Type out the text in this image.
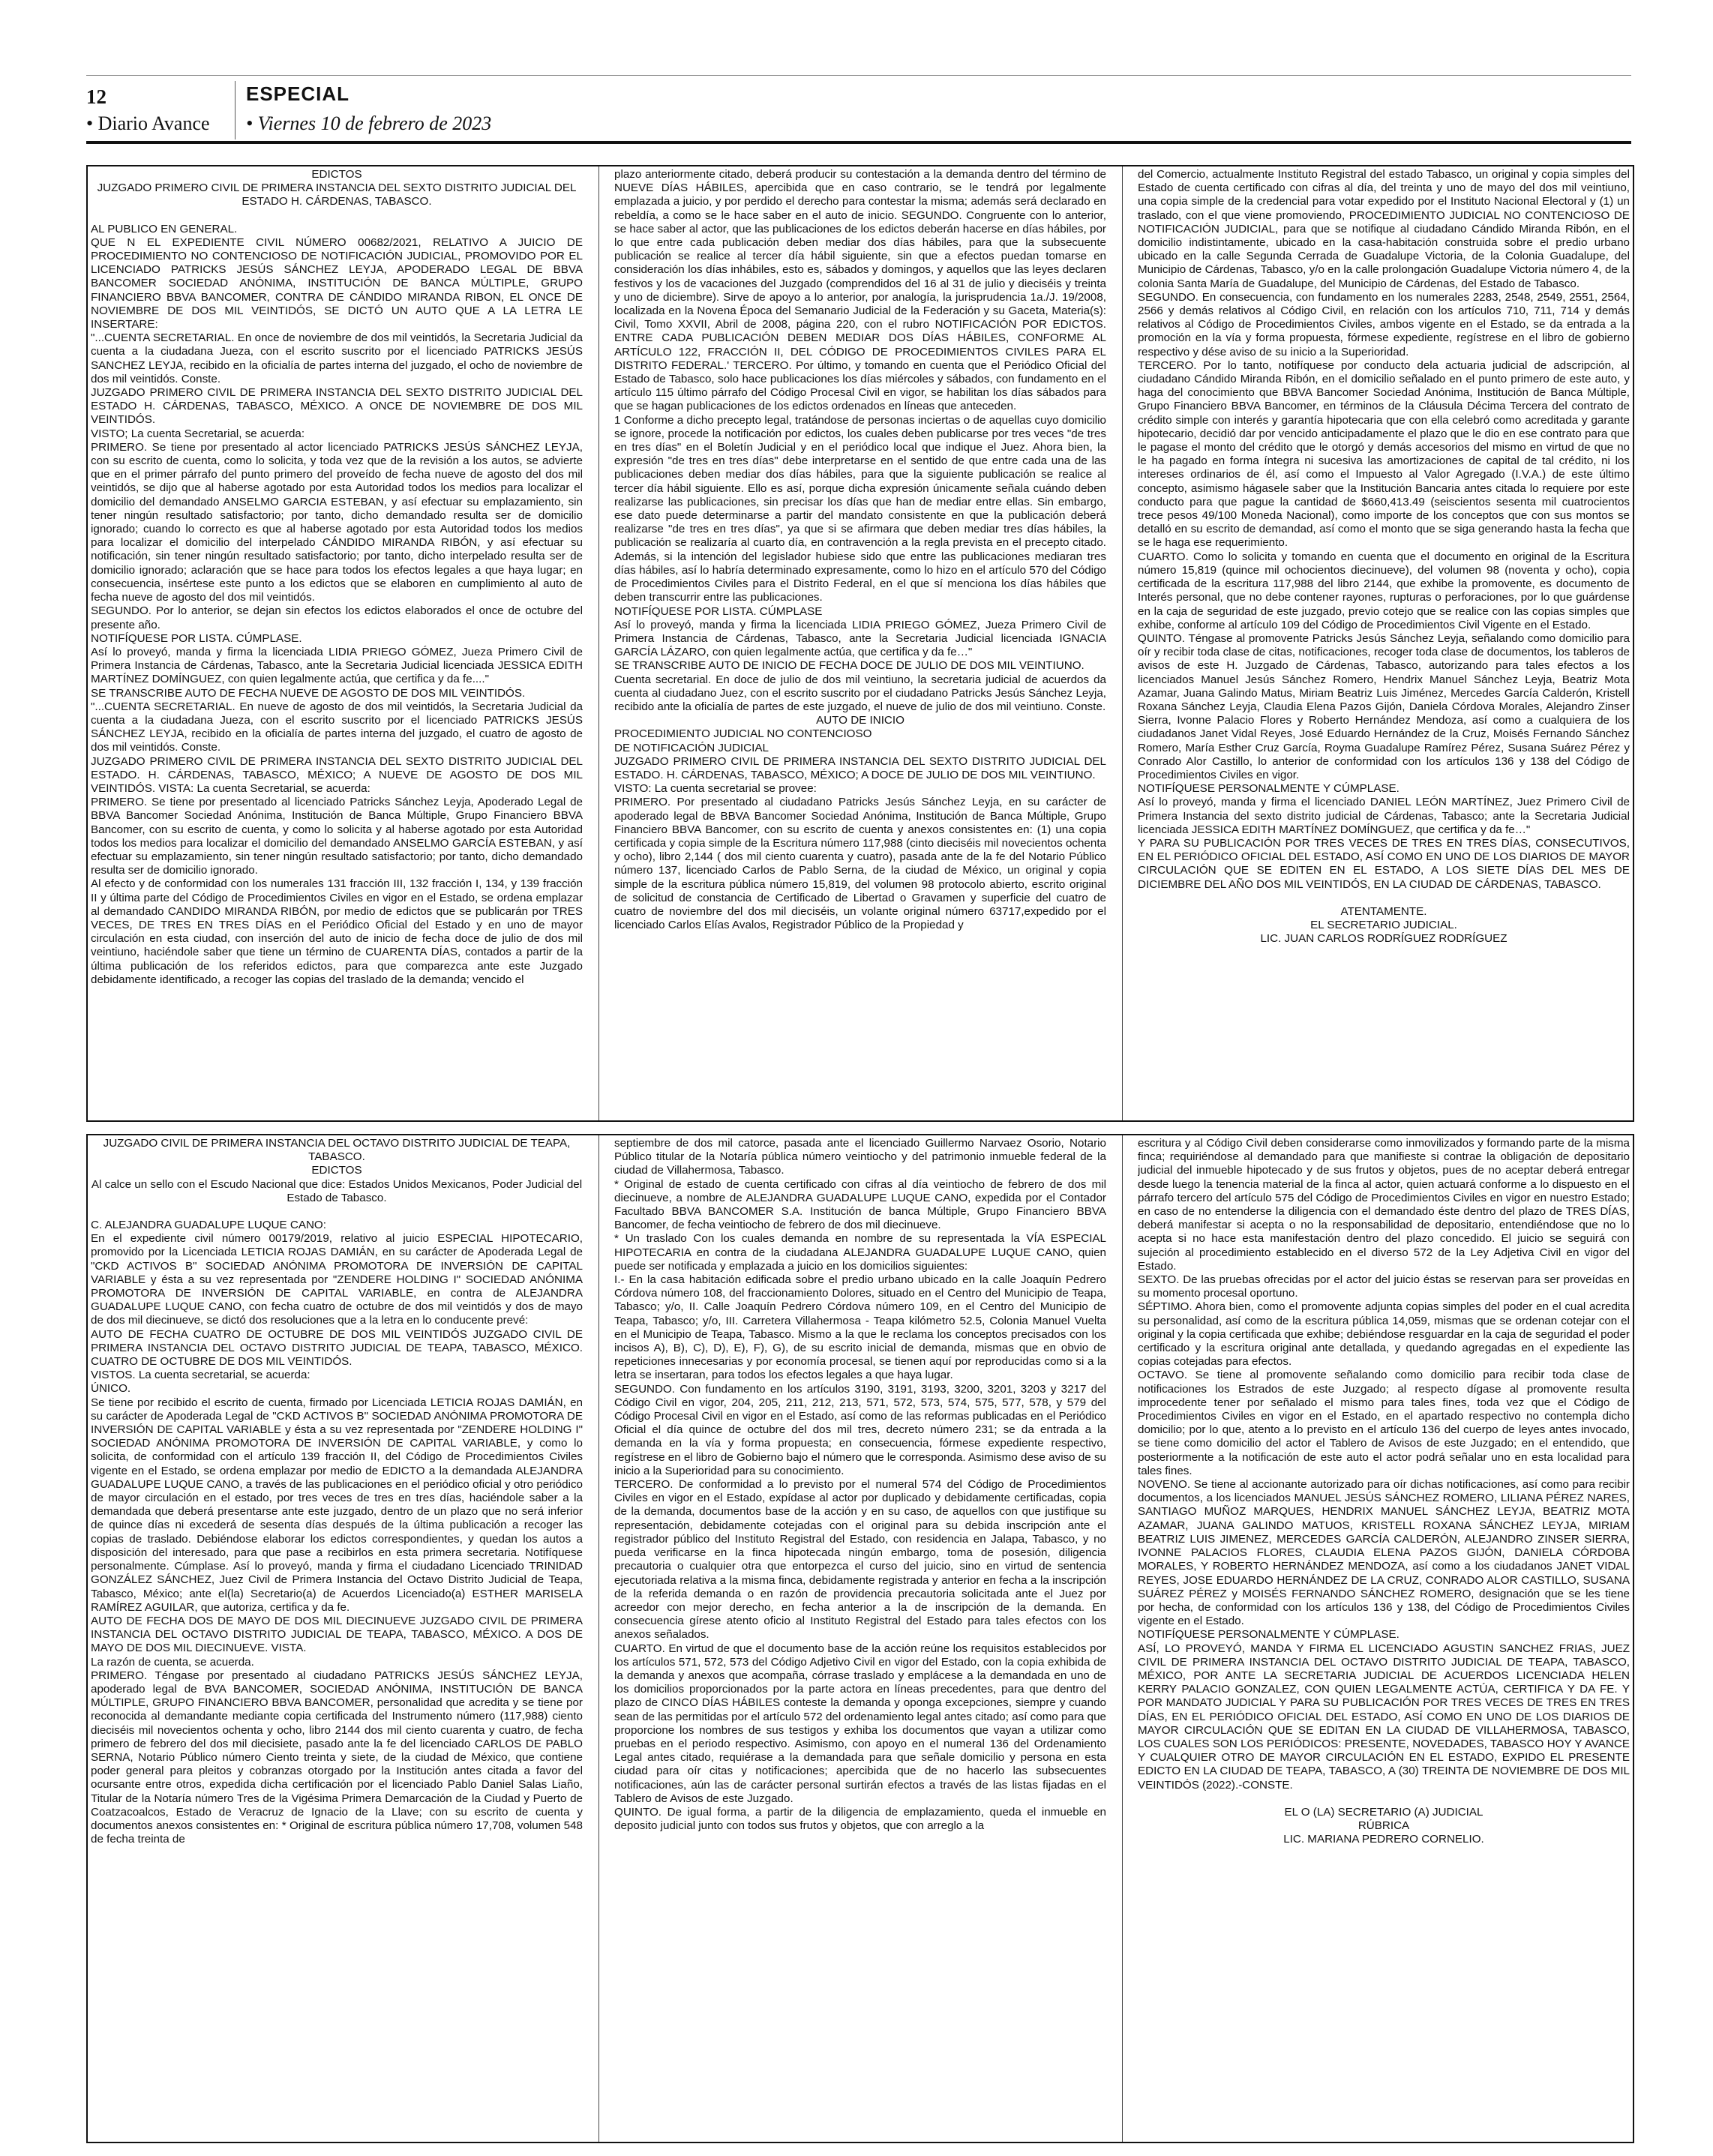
12
• Diario Avance
ESPECIAL
• Viernes 10 de febrero de 2023

EDICTOS

JUZGADO PRIMERO CIVIL DE PRIMERA INSTANCIA DEL SEXTO DISTRITO JUDICIAL DEL ESTADO H. CÁRDENAS, TABASCO.

AL PUBLICO EN GENERAL.

QUE N EL EXPEDIENTE CIVIL NÚMERO 00682/2021, RELATIVO A JUICIO DE PROCEDIMIENTO NO CONTENCIOSO DE NOTIFICACIÓN JUDICIAL, PROMOVIDO POR EL LICENCIADO PATRICKS JESÚS SÁNCHEZ LEYJA, APODERADO LEGAL DE BBVA BANCOMER SOCIEDAD ANÓNIMA, INSTITUCIÓN DE BANCA MÚLTIPLE, GRUPO FINANCIERO BBVA BANCOMER, CONTRA DE CÁNDIDO MIRANDA RIBON, EL ONCE DE NOVIEMBRE DE DOS MIL VEINTIDÓS, SE DICTÓ UN AUTO QUE A LA LETRA LE INSERTARE:

"...CUENTA SECRETARIAL. En once de noviembre de dos mil veintidós, la Secretaria Judicial da cuenta a la ciudadana Jueza, con el escrito suscrito por el licenciado PATRICKS JESÚS SANCHEZ LEYJA, recibido en la oficialía de partes interna del juzgado, el ocho de noviembre de dos mil veintidós. Conste.

JUZGADO PRIMERO CIVIL DE PRIMERA INSTANCIA DEL SEXTO DISTRITO JUDICIAL DEL ESTADO H. CÁRDENAS, TABASCO, MÉXICO. A ONCE DE NOVIEMBRE DE DOS MIL VEINTIDÓS.

VISTO; La cuenta Secretarial, se acuerda:

PRIMERO. Se tiene por presentado al actor licenciado PATRICKS JESÚS SÁNCHEZ LEYJA, con su escrito de cuenta, como lo solicita, y toda vez que de la revisión a los autos, se advierte que en el primer párrafo del punto primero del proveído de fecha nueve de agosto del dos mil veintidós, se dijo que al haberse agotado por esta Autoridad todos los medios para localizar el domicilio del demandado ANSELMO GARCIA ESTEBAN, y así efectuar su emplazamiento, sin tener ningún resultado satisfactorio; por tanto, dicho demandado resulta ser de domicilio ignorado; cuando lo correcto es que al haberse agotado por esta Autoridad todos los medios para localizar el domicilio del interpelado CÁNDIDO MIRANDA RIBÓN, y así efectuar su notificación, sin tener ningún resultado satisfactorio; por tanto, dicho interpelado resulta ser de domicilio ignorado; aclaración que se hace para todos los efectos legales a que haya lugar; en consecuencia, insértese este punto a los edictos que se elaboren en cumplimiento al auto de fecha nueve de agosto del dos mil veintidós.

SEGUNDO. Por lo anterior, se dejan sin efectos los edictos elaborados el once de octubre del presente año.

NOTIFÍQUESE POR LISTA. CÚMPLASE.

Así lo proveyó, manda y firma la licenciada LIDIA PRIEGO GÓMEZ, Jueza Primero Civil de Primera Instancia de Cárdenas, Tabasco, ante la Secretaria Judicial licenciada JESSICA EDITH MARTÍNEZ DOMÍNGUEZ, con quien legalmente actúa, que certifica y da fe...."

SE TRANSCRIBE AUTO DE FECHA NUEVE DE AGOSTO DE DOS MIL VEINTIDÓS.

"...CUENTA SECRETARIAL. En nueve de agosto de dos mil veintidós, la Secretaria Judicial da cuenta a la ciudadana Jueza, con el escrito suscrito por el licenciado PATRICKS JESÚS SÁNCHEZ LEYJA, recibido en la oficialía de partes interna del juzgado, el cuatro de agosto de dos mil veintidós. Conste.

JUZGADO PRIMERO CIVIL DE PRIMERA INSTANCIA DEL SEXTO DISTRITO JUDICIAL DEL ESTADO. H. CÁRDENAS, TABASCO, MÉXICO; A NUEVE DE AGOSTO DE DOS MIL VEINTIDÓS. VISTA: La cuenta Secretarial, se acuerda:

PRIMERO. Se tiene por presentado al licenciado Patricks Sánchez Leyja, Apoderado Legal de BBVA Bancomer Sociedad Anónima, Institución de Banca Múltiple, Grupo Financiero BBVA Bancomer, con su escrito de cuenta, y como lo solicita y al haberse agotado por esta Autoridad todos los medios para localizar el domicilio del demandado ANSELMO GARCÍA ESTEBAN, y así efectuar su emplazamiento, sin tener ningún resultado satisfactorio; por tanto, dicho demandado resulta ser de domicilio ignorado.

Al efecto y de conformidad con los numerales 131 fracción III, 132 fracción I, 134, y 139 fracción II y última parte del Código de Procedimientos Civiles en vigor en el Estado, se ordena emplazar al demandado CANDIDO MIRANDA RIBÓN, por medio de edictos que se publicarán por TRES VECES, DE TRES EN TRES DÍAS en el Periódico Oficial del Estado y en uno de mayor circulación en esta ciudad, con inserción del auto de inicio de fecha doce de julio de dos mil veintiuno, haciéndole saber que tiene un término de CUARENTA DÍAS, contados a partir de la última publicación de los referidos edictos, para que comparezca ante este Juzgado debidamente identificado, a recoger las copias del traslado de la demanda; vencido el

plazo anteriormente citado, deberá producir su contestación a la demanda dentro del término de NUEVE DÍAS HÁBILES, apercibida que en caso contrario, se le tendrá por legalmente emplazada a juicio, y por perdido el derecho para contestar la misma; además será declarado en rebeldía, a como se le hace saber en el auto de inicio. SEGUNDO. Congruente con lo anterior, se hace saber al actor, que las publicaciones de los edictos deberán hacerse en días hábiles, por lo que entre cada publicación deben mediar dos días hábiles, para que la subsecuente publicación se realice al tercer día hábil siguiente, sin que a efectos puedan tomarse en consideración los días inhábiles, esto es, sábados y domingos, y aquellos que las leyes declaren festivos y los de vacaciones del Juzgado (comprendidos del 16 al 31 de julio y dieciséis y treinta y uno de diciembre). Sirve de apoyo a lo anterior, por analogía, la jurisprudencia 1a./J. 19/2008, localizada en la Novena Época del Semanario Judicial de la Federación y su Gaceta, Materia(s): Civil, Tomo XXVII, Abril de 2008, página 220, con el rubro NOTIFICACIÓN POR EDICTOS. ENTRE CADA PUBLICACIÓN DEBEN MEDIAR DOS DÍAS HÁBILES, CONFORME AL ARTÍCULO 122, FRACCIÓN II, DEL CÓDIGO DE PROCEDIMIENTOS CIVILES PARA EL DISTRITO FEDERAL.' TERCERO. Por último, y tomando en cuenta que el Periódico Oficial del Estado de Tabasco, solo hace publicaciones los días miércoles y sábados, con fundamento en el artículo 115 último párrafo del Código Procesal Civil en vigor, se habilitan los días sábados para que se hagan publicaciones de los edictos ordenados en líneas que anteceden.

1 Conforme a dicho precepto legal, tratándose de personas inciertas o de aquellas cuyo domicilio se ignore, procede la notificación por edictos, los cuales deben publicarse por tres veces "de tres en tres días" en el Boletín Judicial y en el periódico local que indique el Juez. Ahora bien, la expresión "de tres en tres días" debe interpretarse en el sentido de que entre cada una de las publicaciones deben mediar dos días hábiles, para que la siguiente publicación se realice al tercer día hábil siguiente. Ello es así, porque dicha expresión únicamente señala cuándo deben realizarse las publicaciones, sin precisar los días que han de mediar entre ellas. Sin embargo, ese dato puede determinarse a partir del mandato consistente en que la publicación deberá realizarse "de tres en tres días", ya que si se afirmara que deben mediar tres días hábiles, la publicación se realizaría al cuarto día, en contravención a la regla prevista en el precepto citado. Además, si la intención del legislador hubiese sido que entre las publicaciones mediaran tres días hábiles, así lo habría determinado expresamente, como lo hizo en el artículo 570 del Código de Procedimientos Civiles para el Distrito Federal, en el que sí menciona los días hábiles que deben transcurrir entre las publicaciones.

NOTIFÍQUESE POR LISTA. CÚMPLASE

Así lo proveyó, manda y firma la licenciada LIDIA PRIEGO GÓMEZ, Jueza Primero Civil de Primera Instancia de Cárdenas, Tabasco, ante la Secretaria Judicial licenciada IGNACIA GARCÍA LÁZARO, con quien legalmente actúa, que certifica y da fe…"

SE TRANSCRIBE AUTO DE INICIO DE FECHA DOCE DE JULIO DE DOS MIL VEINTIUNO.

Cuenta secretarial. En doce de julio de dos mil veintiuno, la secretaria judicial de acuerdos da cuenta al ciudadano Juez, con el escrito suscrito por el ciudadano Patricks Jesús Sánchez Leyja, recibido ante la oficialía de partes de este juzgado, el nueve de julio de dos mil veintiuno. Conste.

AUTO DE INICIO

PROCEDIMIENTO JUDICIAL NO CONTENCIOSO

DE NOTIFICACIÓN JUDICIAL

JUZGADO PRIMERO CIVIL DE PRIMERA INSTANCIA DEL SEXTO DISTRITO JUDICIAL DEL ESTADO. H. CÁRDENAS, TABASCO, MÉXICO; A DOCE DE JULIO DE DOS MIL VEINTIUNO.

VISTO: La cuenta secretarial se provee:

PRIMERO. Por presentado al ciudadano Patricks Jesús Sánchez Leyja, en su carácter de apoderado legal de BBVA Bancomer Sociedad Anónima, Institución de Banca Múltiple, Grupo Financiero BBVA Bancomer, con su escrito de cuenta y anexos consistentes en: (1) una copia certificada y copia simple de la Escritura número 117,988 (cinto dieciséis mil novecientos ochenta y ocho), libro 2,144 ( dos mil ciento cuarenta y cuatro), pasada ante de la fe del Notario Público número 137, licenciado Carlos de Pablo Serna, de la ciudad de México, un original y copia simple de la escritura pública número 15,819, del volumen 98 protocolo abierto, escrito original de solicitud de constancia de Certificado de Libertad o Gravamen y superficie del cuatro de cuatro de noviembre del dos mil dieciséis, un volante original número 63717,expedido por el licenciado Carlos Elías Avalos, Registrador Público de la Propiedad y

del Comercio, actualmente Instituto Registral del estado Tabasco, un original y copia simples del Estado de cuenta certificado con cifras al día, del treinta y uno de mayo del dos mil veintiuno, una copia simple de la credencial para votar expedido por el Instituto Nacional Electoral y (1) un traslado, con el que viene promoviendo, PROCEDIMIENTO JUDICIAL NO CONTENCIOSO DE NOTIFICACIÓN JUDICIAL, para que se notifique al ciudadano Cándido Miranda Ribón, en el domicilio indistintamente, ubicado en la casa-habitación construida sobre el predio urbano ubicado en la calle Segunda Cerrada de Guadalupe Victoria, de la Colonia Guadalupe, del Municipio de Cárdenas, Tabasco, y/o en la calle prolongación Guadalupe Victoria número 4, de la colonia Santa María de Guadalupe, del Municipio de Cárdenas, del Estado de Tabasco.

SEGUNDO. En consecuencia, con fundamento en los numerales 2283, 2548, 2549, 2551, 2564, 2566 y demás relativos al Código Civil, en relación con los artículos 710, 711, 714 y demás relativos al Código de Procedimientos Civiles, ambos vigente en el Estado, se da entrada a la promoción en la vía y forma propuesta, fórmese expediente, regístrese en el libro de gobierno respectivo y dése aviso de su inicio a la Superioridad.

TERCERO. Por lo tanto, notifíquese por conducto dela actuaria judicial de adscripción, al ciudadano Cándido Miranda Ribón, en el domicilio señalado en el punto primero de este auto, y haga del conocimiento que BBVA Bancomer Sociedad Anónima, Institución de Banca Múltiple, Grupo Financiero BBVA Bancomer, en términos de la Cláusula Décima Tercera del contrato de crédito simple con interés y garantía hipotecaria que con ella celebró como acreditada y garante hipotecario, decidió dar por vencido anticipadamente el plazo que le dio en ese contrato para que le pagase el monto del crédito que le otorgó y demás accesorios del mismo en virtud de que no le ha pagado en forma íntegra ni sucesiva las amortizaciones de capital de tal crédito, ni los intereses ordinarios de él, así como el Impuesto al Valor Agregado (I.V.A.) de este último concepto, asimismo hágasele saber que la Institución Bancaria antes citada lo requiere por este conducto para que pague la cantidad de $660,413.49 (seiscientos sesenta mil cuatrocientos trece pesos 49/100 Moneda Nacional), como importe de los conceptos que con sus montos se detalló en su escrito de demandad, así como el monto que se siga generando hasta la fecha que se le haga ese requerimiento.

CUARTO. Como lo solicita y tomando en cuenta que el documento en original de la Escritura número 15,819 (quince mil ochocientos diecinueve), del volumen 98 (noventa y ocho), copia certificada de la escritura 117,988 del libro 2144, que exhibe la promovente, es documento de Interés personal, que no debe contener rayones, rupturas o perforaciones, por lo que guárdense en la caja de seguridad de este juzgado, previo cotejo que se realice con las copias simples que exhibe, conforme al artículo 109 del Código de Procedimientos Civil Vigente en el Estado.

QUINTO. Téngase al promovente Patricks Jesús Sánchez Leyja, señalando como domicilio para oír y recibir toda clase de citas, notificaciones, recoger toda clase de documentos, los tableros de avisos de este H. Juzgado de Cárdenas, Tabasco, autorizando para tales efectos a los licenciados Manuel Jesús Sánchez Romero, Hendrix Manuel Sánchez Leyja, Beatriz Mota Azamar, Juana Galindo Matus, Miriam Beatriz Luis Jiménez, Mercedes García Calderón, Kristell Roxana Sánchez Leyja, Claudia Elena Pazos Gijón, Daniela Córdova Morales, Alejandro Zinser Sierra, Ivonne Palacio Flores y Roberto Hernández Mendoza, así como a cualquiera de los ciudadanos Janet Vidal Reyes, José Eduardo Hernández de la Cruz, Moisés Fernando Sánchez Romero, María Esther Cruz García, Royma Guadalupe Ramírez Pérez, Susana Suárez Pérez y Conrado Alor Castillo, lo anterior de conformidad con los artículos 136 y 138 del Código de Procedimientos Civiles en vigor.

NOTIFÍQUESE PERSONALMENTE Y CÚMPLASE.

Así lo proveyó, manda y firma el licenciado DANIEL LEÓN MARTÍNEZ, Juez Primero Civil de Primera Instancia del sexto distrito judicial de Cárdenas, Tabasco; ante la Secretaria Judicial licenciada JESSICA EDITH MARTÍNEZ DOMÍNGUEZ, que certifica y da fe…"

Y PARA SU PUBLICACIÓN POR TRES VECES DE TRES EN TRES DÍAS, CONSECUTIVOS, EN EL PERIÓDICO OFICIAL DEL ESTADO, ASÍ COMO EN UNO DE LOS DIARIOS DE MAYOR CIRCULACIÓN QUE SE EDITEN EN EL ESTADO, A LOS SIETE DÍAS DEL MES DE DICIEMBRE DEL AÑO DOS MIL VEINTIDÓS, EN LA CIUDAD DE CÁRDENAS, TABASCO.

ATENTAMENTE.

EL SECRETARIO JUDICIAL.

LIC. JUAN CARLOS RODRÍGUEZ RODRÍGUEZ

JUZGADO CIVIL DE PRIMERA INSTANCIA DEL OCTAVO DISTRITO JUDICIAL DE TEAPA, TABASCO.

EDICTOS

Al calce un sello con el Escudo Nacional que dice: Estados Unidos Mexicanos, Poder Judicial del Estado de Tabasco.

C. ALEJANDRA GUADALUPE LUQUE CANO:

En el expediente civil número 00179/2019, relativo al juicio ESPECIAL HIPOTECARIO, promovido por la Licenciada LETICIA ROJAS DAMIÁN, en su carácter de Apoderada Legal de "CKD ACTIVOS B" SOCIEDAD ANÓNIMA PROMOTORA DE INVERSIÓN DE CAPITAL VARIABLE y ésta a su vez representada por "ZENDERE HOLDING I" SOCIEDAD ANÓNIMA PROMOTORA DE INVERSIÓN DE CAPITAL VARIABLE, en contra de ALEJANDRA GUADALUPE LUQUE CANO, con fecha cuatro de octubre de dos mil veintidós y dos de mayo de dos mil diecinueve, se dictó dos resoluciones que a la letra en lo conducente prevé:

AUTO DE FECHA CUATRO DE OCTUBRE DE DOS MIL VEINTIDÓS JUZGADO CIVIL DE PRIMERA INSTANCIA DEL OCTAVO DISTRITO JUDICIAL DE TEAPA, TABASCO, MÉXICO. CUATRO DE OCTUBRE DE DOS MIL VEINTIDÓS.

VISTOS. La cuenta secretarial, se acuerda:

ÚNICO.

Se tiene por recibido el escrito de cuenta, firmado por Licenciada LETICIA ROJAS DAMIÁN, en su carácter de Apoderada Legal de "CKD ACTIVOS B" SOCIEDAD ANÓNIMA PROMOTORA DE INVERSIÓN DE CAPITAL VARIABLE y ésta a su vez representada por "ZENDERE HOLDING I" SOCIEDAD ANÓNIMA PROMOTORA DE INVERSIÓN DE CAPITAL VARIABLE, y como lo solicita, de conformidad con el artículo 139 fracción II, del Código de Procedimientos Civiles vigente en el Estado, se ordena emplazar por medio de EDICTO a la demandada ALEJANDRA GUADALUPE LUQUE CANO, a través de las publicaciones en el periódico oficial y otro periódico de mayor circulación en el estado, por tres veces de tres en tres días, haciéndole saber a la demandada que deberá presentarse ante este juzgado, dentro de un plazo que no será inferior de quince días ni excederá de sesenta días después de la última publicación a recoger las copias de traslado. Debiéndose elaborar los edictos correspondientes, y quedan los autos a disposición del interesado, para que pase a recibirlos en esta primera secretaria. Notifíquese personalmente. Cúmplase. Así lo proveyó, manda y firma el ciudadano Licenciado TRINIDAD GONZÁLEZ SÁNCHEZ, Juez Civil de Primera Instancia del Octavo Distrito Judicial de Teapa, Tabasco, México; ante el(la) Secretario(a) de Acuerdos Licenciado(a) ESTHER MARISELA RAMÍREZ AGUILAR, que autoriza, certifica y da fe.

AUTO DE FECHA DOS DE MAYO DE DOS MIL DIECINUEVE JUZGADO CIVIL DE PRIMERA INSTANCIA DEL OCTAVO DISTRITO JUDICIAL DE TEAPA, TABASCO, MÉXICO. A DOS DE MAYO DE DOS MIL DIECINUEVE. VISTA.

La razón de cuenta, se acuerda.

PRIMERO. Téngase por presentado al ciudadano PATRICKS JESÚS SÁNCHEZ LEYJA, apoderado legal de BVA BANCOMER, SOCIEDAD ANÓNIMA, INSTITUCIÓN DE BANCA MÚLTIPLE, GRUPO FINANCIERO BBVA BANCOMER, personalidad que acredita y se tiene por reconocida al demandante mediante copia certificada del Instrumento número (117,988) ciento dieciséis mil novecientos ochenta y ocho, libro 2144 dos mil ciento cuarenta y cuatro, de fecha primero de febrero del dos mil diecisiete, pasado ante la fe del licenciado CARLOS DE PABLO SERNA, Notario Público número Ciento treinta y siete, de la ciudad de México, que contiene poder general para pleitos y cobranzas otorgado por la Institución antes citada a favor del ocursante entre otros, expedida dicha certificación por el licenciado Pablo Daniel Salas Liaño, Titular de la Notaría número Tres de la Vigésima Primera Demarcación de la Ciudad y Puerto de Coatzacoalcos, Estado de Veracruz de Ignacio de la Llave; con su escrito de cuenta y documentos anexos consistentes en: * Original de escritura pública número 17,708, volumen 548 de fecha treinta de

septiembre de dos mil catorce, pasada ante el licenciado Guillermo Narvaez Osorio, Notario Público titular de la Notaría pública número veintiocho y del patrimonio inmueble federal de la ciudad de Villahermosa, Tabasco.

* Original de estado de cuenta certificado con cifras al día veintiocho de febrero de dos mil diecinueve, a nombre de ALEJANDRA GUADALUPE LUQUE CANO, expedida por el Contador Facultado BBVA BANCOMER S.A. Institución de banca Múltiple, Grupo Financiero BBVA Bancomer, de fecha veintiocho de febrero de dos mil diecinueve.

* Un traslado Con los cuales demanda en nombre de su representada la VÍA ESPECIAL HIPOTECARIA en contra de la ciudadana ALEJANDRA GUADALUPE LUQUE CANO, quien puede ser notificada y emplazada a juicio en los domicilios siguientes:

I.- En la casa habitación edificada sobre el predio urbano ubicado en la calle Joaquín Pedrero Córdova número 108, del fraccionamiento Dolores, situado en el Centro del Municipio de Teapa, Tabasco; y/o, II. Calle Joaquín Pedrero Córdova número 109, en el Centro del Municipio de Teapa, Tabasco; y/o, III. Carretera Villahermosa - Teapa kilómetro 52.5, Colonia Manuel Vuelta en el Municipio de Teapa, Tabasco. Mismo a la que le reclama los conceptos precisados con los incisos A), B), C), D), E), F), G), de su escrito inicial de demanda, mismas que en obvio de repeticiones innecesarias y por economía procesal, se tienen aquí por reproducidas como si a la letra se insertaran, para todos los efectos legales a que haya lugar.

SEGUNDO. Con fundamento en los artículos 3190, 3191, 3193, 3200, 3201, 3203 y 3217 del Código Civil en vigor, 204, 205, 211, 212, 213, 571, 572, 573, 574, 575, 577, 578, y 579 del Código Procesal Civil en vigor en el Estado, así como de las reformas publicadas en el Periódico Oficial el día quince de octubre del dos mil tres, decreto número 231; se da entrada a la demanda en la vía y forma propuesta; en consecuencia, fórmese expediente respectivo, regístrese en el libro de Gobierno bajo el número que le corresponda. Asimismo dese aviso de su inicio a la Superioridad para su conocimiento.

TERCERO. De conformidad a lo previsto por el numeral 574 del Código de Procedimientos Civiles en vigor en el Estado, expídase al actor por duplicado y debidamente certificadas, copia de la demanda, documentos base de la acción y en su caso, de aquellos con que justifique su representación, debidamente cotejadas con el original para su debida inscripción ante el registrador público del Instituto Registral del Estado, con residencia en Jalapa, Tabasco, y no pueda verificarse en la finca hipotecada ningún embargo, toma de posesión, diligencia precautoria o cualquier otra que entorpezca el curso del juicio, sino en virtud de sentencia ejecutoriada relativa a la misma finca, debidamente registrada y anterior en fecha a la inscripción de la referida demanda o en razón de providencia precautoria solicitada ante el Juez por acreedor con mejor derecho, en fecha anterior a la de inscripción de la demanda. En consecuencia gírese atento oficio al Instituto Registral del Estado para tales efectos con los anexos señalados.

CUARTO. En virtud de que el documento base de la acción reúne los requisitos establecidos por los artículos 571, 572, 573 del Código Adjetivo Civil en vigor del Estado, con la copia exhibida de la demanda y anexos que acompaña, córrase traslado y emplácese a la demandada en uno de los domicilios proporcionados por la parte actora en líneas precedentes, para que dentro del plazo de CINCO DÍAS HÁBILES conteste la demanda y oponga excepciones, siempre y cuando sean de las permitidas por el artículo 572 del ordenamiento legal antes citado; así como para que proporcione los nombres de sus testigos y exhiba los documentos que vayan a utilizar como pruebas en el periodo respectivo. Asimismo, con apoyo en el numeral 136 del Ordenamiento Legal antes citado, requiérase a la demandada para que señale domicilio y persona en esta ciudad para oír citas y notificaciones; apercibida que de no hacerlo las subsecuentes notificaciones, aún las de carácter personal surtirán efectos a través de las listas fijadas en el Tablero de Avisos de este Juzgado.

QUINTO. De igual forma, a partir de la diligencia de emplazamiento, queda el inmueble en deposito judicial junto con todos sus frutos y objetos, que con arreglo a la

escritura y al Código Civil deben considerarse como inmovilizados y formando parte de la misma finca; requiriéndose al demandado para que manifieste si contrae la obligación de depositario judicial del inmueble hipotecado y de sus frutos y objetos, pues de no aceptar deberá entregar desde luego la tenencia material de la finca al actor, quien actuará conforme a lo dispuesto en el párrafo tercero del artículo 575 del Código de Procedimientos Civiles en vigor en nuestro Estado; en caso de no entenderse la diligencia con el demandado éste dentro del plazo de TRES DÍAS, deberá manifestar si acepta o no la responsabilidad de depositario, entendiéndose que no lo acepta si no hace esta manifestación dentro del plazo concedido. El juicio se seguirá con sujeción al procedimiento establecido en el diverso 572 de la Ley Adjetiva Civil en vigor del Estado.

SEXTO. De las pruebas ofrecidas por el actor del juicio éstas se reservan para ser proveídas en su momento procesal oportuno.

SÉPTIMO. Ahora bien, como el promovente adjunta copias simples del poder en el cual acredita su personalidad, así como de la escritura pública 14,059, mismas que se ordenan cotejar con el original y la copia certificada que exhibe; debiéndose resguardar en la caja de seguridad el poder certificado y la escritura original ante detallada, y quedando agregadas en el expediente las copias cotejadas para efectos.

OCTAVO. Se tiene al promovente señalando como domicilio para recibir toda clase de notificaciones los Estrados de este Juzgado; al respecto dígase al promovente resulta improcedente tener por señalado el mismo para tales fines, toda vez que el Código de Procedimientos Civiles en vigor en el Estado, en el apartado respectivo no contempla dicho domicilio; por lo que, atento a lo previsto en el artículo 136 del cuerpo de leyes antes invocado, se tiene como domicilio del actor el Tablero de Avisos de este Juzgado; en el entendido, que posteriormente a la notificación de este auto el actor podrá señalar uno en esta localidad para tales fines.

NOVENO. Se tiene al accionante autorizado para oír dichas notificaciones, así como para recibir documentos, a los licenciados MANUEL JESÚS SÁNCHEZ ROMERO, LILIANA PÉREZ NARES, SANTIAGO MUÑOZ MARQUES, HENDRIX MANUEL SÁNCHEZ LEYJA, BEATRIZ MOTA AZAMAR, JUANA GALINDO MATUOS, KRISTELL ROXANA SÁNCHEZ LEYJA, MIRIAM BEATRIZ LUIS JIMENEZ, MERCEDES GARCÍA CALDERÓN, ALEJANDRO ZINSER SIERRA, IVONNE PALACIOS FLORES, CLAUDIA ELENA PAZOS GIJÓN, DANIELA CÓRDOBA MORALES, Y ROBERTO HERNÁNDEZ MENDOZA, así como a los ciudadanos JANET VIDAL REYES, JOSE EDUARDO HERNÁNDEZ DE LA CRUZ, CONRADO ALOR CASTILLO, SUSANA SUÁREZ PÉREZ y MOISÉS FERNANDO SÁNCHEZ ROMERO, designación que se les tiene por hecha, de conformidad con los artículos 136 y 138, del Código de Procedimientos Civiles vigente en el Estado.

NOTIFÍQUESE PERSONALMENTE Y CÚMPLASE.

ASÍ, LO PROVEYÓ, MANDA Y FIRMA EL LICENCIADO AGUSTIN SANCHEZ FRIAS, JUEZ CIVIL DE PRIMERA INSTANCIA DEL OCTAVO DISTRITO JUDICIAL DE TEAPA, TABASCO, MÉXICO, POR ANTE LA SECRETARIA JUDICIAL DE ACUERDOS LICENCIADA HELEN KERRY PALACIO GONZALEZ, CON QUIEN LEGALMENTE ACTÚA, CERTIFICA Y DA FE. Y POR MANDATO JUDICIAL Y PARA SU PUBLICACIÓN POR TRES VECES DE TRES EN TRES DÍAS, EN EL PERIÓDICO OFICIAL DEL ESTADO, ASÍ COMO EN UNO DE LOS DIARIOS DE MAYOR CIRCULACIÓN QUE SE EDITAN EN LA CIUDAD DE VILLAHERMOSA, TABASCO, LOS CUALES SON LOS PERIÓDICOS: PRESENTE, NOVEDADES, TABASCO HOY Y AVANCE Y CUALQUIER OTRO DE MAYOR CIRCULACIÓN EN EL ESTADO, EXPIDO EL PRESENTE EDICTO EN LA CIUDAD DE TEAPA, TABASCO, A (30) TREINTA DE NOVIEMBRE DE DOS MIL VEINTIDÓS (2022).-CONSTE.

EL O (LA) SECRETARIO (A) JUDICIAL

RÚBRICA

LIC. MARIANA PEDRERO CORNELIO.
